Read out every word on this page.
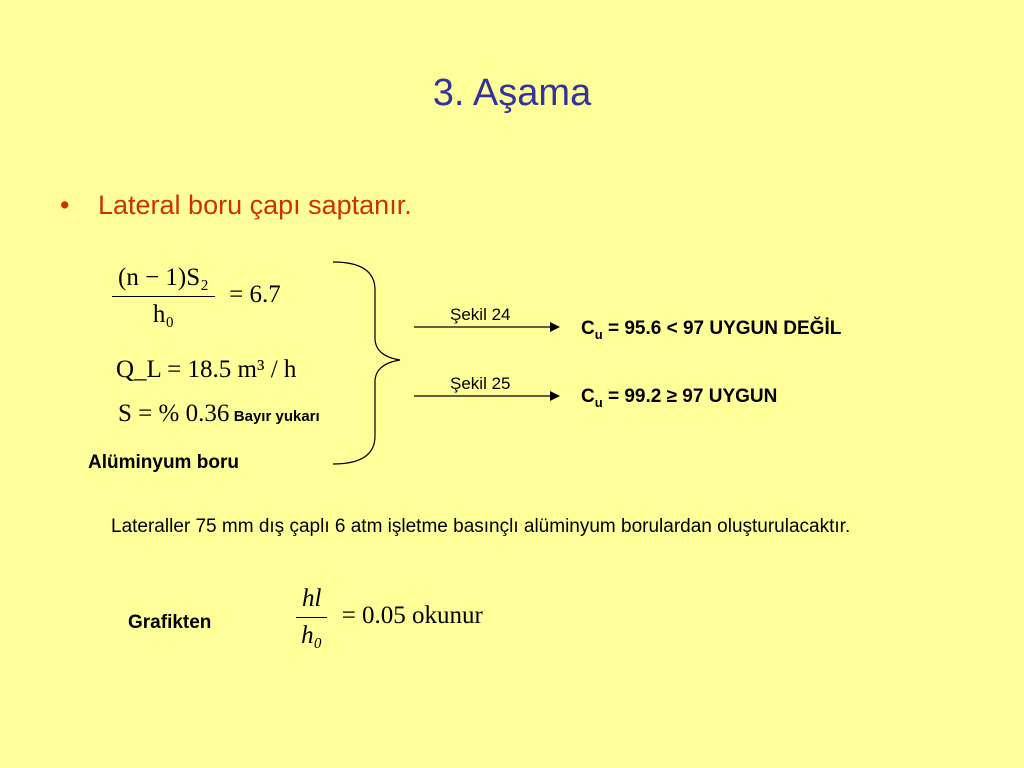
3. Aşama
• Lateral boru çapı saptanır.
$\frac{\text{(n − 1)S₂}}{\text{h₀}} = 6.7$
Q_L = 18.5 m³ / h
S = % 0.36 Bayır yukarı
Alüminyum boru
Şekil 24
$C_u = 95.6 < 97$ UYGUN DEĞİL
Şekil 25
$C_u = 99.2 \ge 97$ UYGUN
Lateraller 75 mm dış çaplı 6 atm işletme basınçlı alüminyum borulardan oluşturulacaktır.
Grafikten	$\frac{hl}{\text{h₀}} = 0.05$ okunur
